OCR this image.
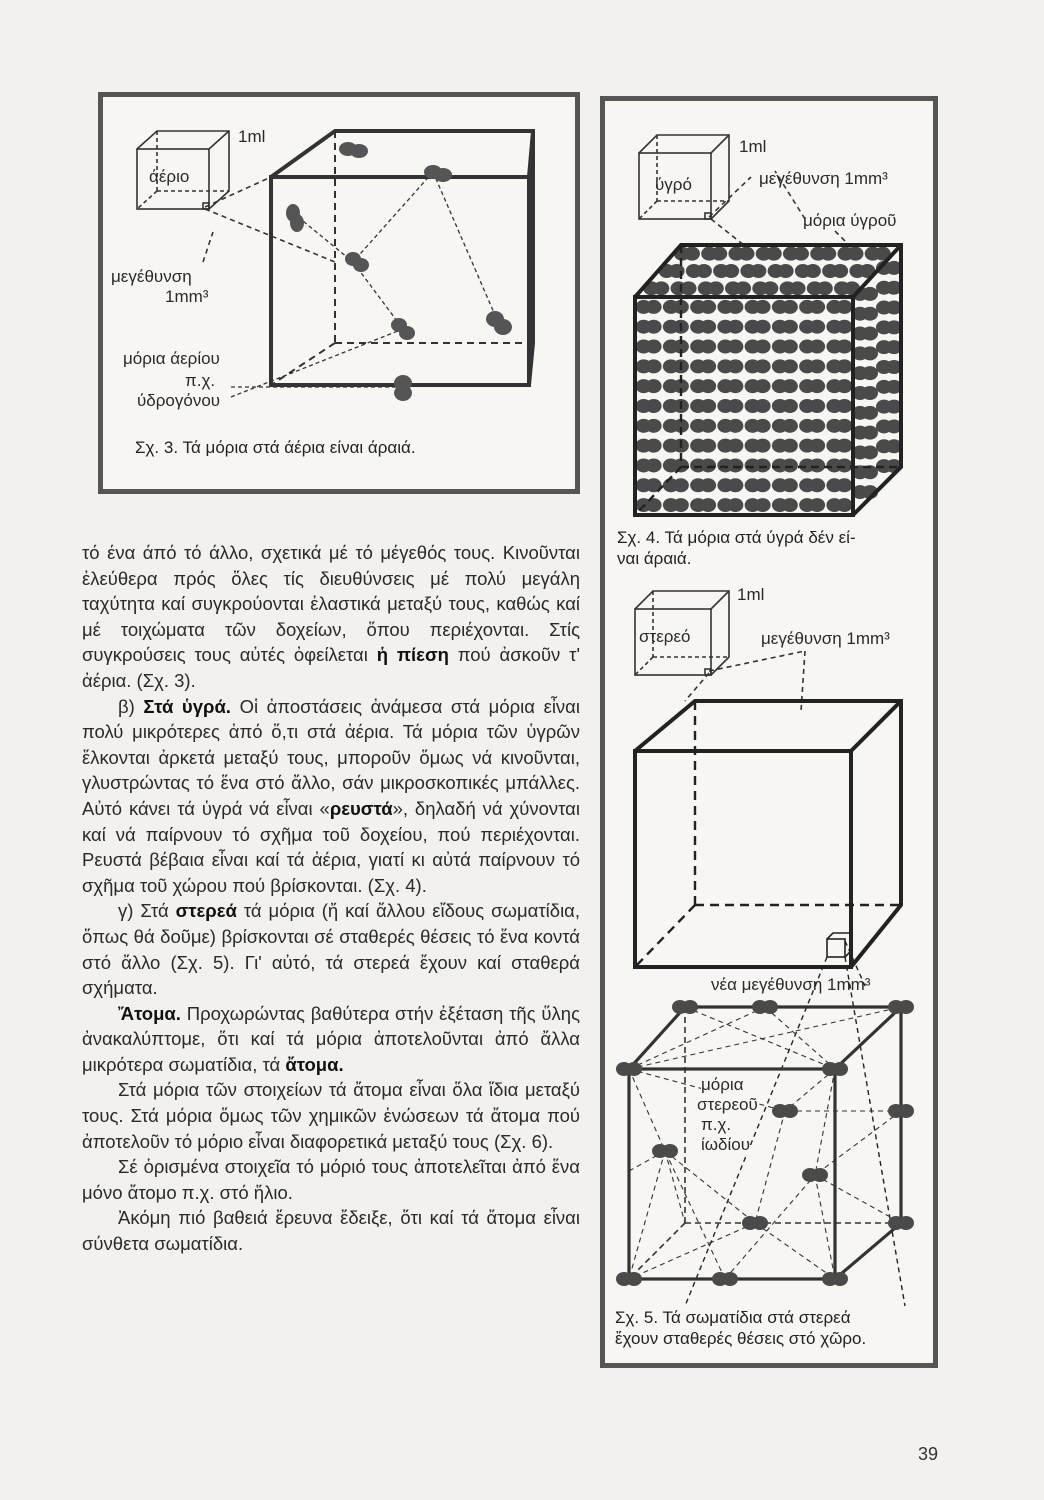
1ml
άέριο
μεγέθυνση
1mm³
μόρια άερίου
π.χ.
ύδρογόνου
Σχ. 3. Τά μόρια στά άέρια είναι άραιά.
1ml
ύγρό	μεγέθυνση 1mm³
μόρια ύγροῦ
Σχ. 4. Τά μόρια στά ύγρά δέν εί-
ναι άραιά.
1ml
στερεό	μεγέθυνση 1mm³
νέα μεγέθυνση 1mm³
μόρια
στερεοῦ
π.χ.
ίωδίου
Σχ. 5. Τά σωματίδια στά στερεά
ἔχουν σταθερές θέσεις στό χῶρο.

τό ένα άπό τό άλλο, σχετικά μέ τό μέγεθός τους. Κινοῦνται ἐλεύθερα πρός ὅλες τίς διευθύνσεις μέ πολύ μεγάλη ταχύτητα καί συγκρούονται ἐλαστικά μεταξύ τους, καθώς καί μέ τοιχώματα τῶν δοχείων, ὅπου περιέχονται. Στίς συγκρούσεις τους αὐτές ὀφείλεται ἡ πίεση πού ἀσκοῦν τ' ἀέρια. (Σχ. 3).

β) Στά ὑγρά. Οἱ ἀποστάσεις ἀνάμεσα στά μόρια εἶναι πολύ μικρότερες ἀπό ὅ,τι στά ἀέρια. Τά μόρια τῶν ὑγρῶν ἕλκονται ἀρκετά μεταξύ τους, μποροῦν ὅμως νά κινοῦνται, γλυστρώντας τό ἕνα στό ἄλλο, σάν μικροσκοπικές μπάλλες. Αὐτό κάνει τά ὑγρά νά εἶναι «ρευστά», δηλαδή νά χύνονται καί νά παίρνουν τό σχῆμα τοῦ δοχείου, πού περιέχονται. Ρευστά βέβαια εἶναι καί τά ἀέρια, γιατί κι αὐτά παίρνουν τό σχῆμα τοῦ χώρου πού βρίσκονται. (Σχ. 4).

γ) Στά στερεά τά μόρια (ἤ καί ἄλλου εἴδους σωματίδια, ὅπως θά δοῦμε) βρίσκονται σέ σταθερές θέσεις τό ἕνα κοντά στό ἄλλο (Σχ. 5). Γι' αὐτό, τά στερεά ἔχουν καί σταθερά σχήματα.

Ἄτομα. Προχωρώντας βαθύτερα στήν ἐξέταση τῆς ὕλης ἀνακαλύπτομε, ὅτι καί τά μόρια ἀποτελοῦνται ἀπό ἄλλα μικρότερα σωματίδια, τά ἄτομα.

Στά μόρια τῶν στοιχείων τά ἄτομα εἶναι ὅλα ἴδια μεταξύ τους. Στά μόρια ὅμως τῶν χημικῶν ἑνώσεων τά ἄτομα πού ἀποτελοῦν τό μόριο εἶναι διαφορετικά μεταξύ τους (Σχ. 6).

Σέ ὁρισμένα στοιχεῖα τό μόριό τους ἀποτελεῖται ἀπό ἕνα μόνο ἄτομο π.χ. στό ἥλιο.

Ἀκόμη πιό βαθειά ἔρευνα ἔδειξε, ὅτι καί τά ἄτομα εἶναι σύνθετα σωματίδια.

39
